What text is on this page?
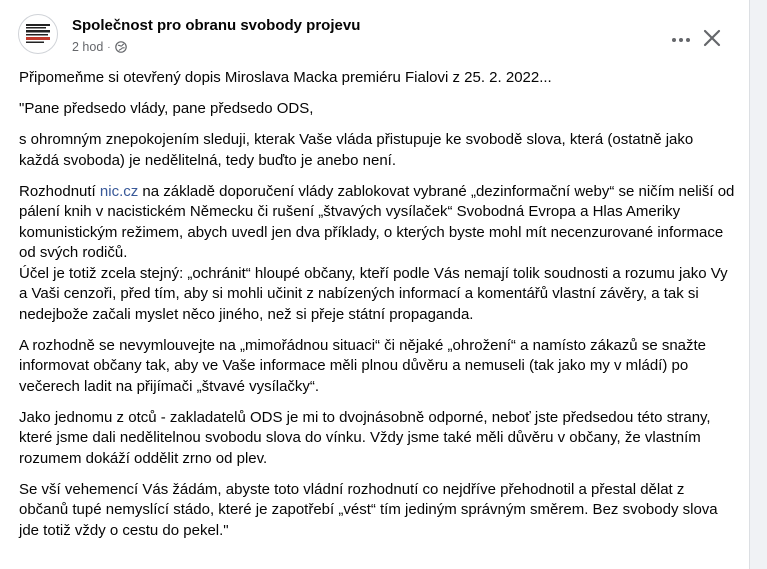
Společnost pro obranu svobody projevu
2 hod ·

Připomeňme si otevřený dopis Miroslava Macka premiéru Fialovi z 25. 2. 2022...

"Pane předsedo vlády, pane předsedo ODS,

s ohromným znepokojením sleduji, kterak Vaše vláda přistupuje ke svobodě slova, která (ostatně jako každá svoboda) je nedělitelná, tedy buďto je anebo není.

Rozhodnutí nic.cz na základě doporučení vlády zablokovat vybrané „dezinformační weby“ se ničím neliší od pálení knih v nacistickém Německu či rušení „štvavých vysílaček“ Svobodná Evropa a Hlas Ameriky komunistickým režimem, abych uvedl jen dva příklady, o kterých byste mohl mít necenzurované informace od svých rodičů.
Účel je totiž zcela stejný: „ochránit“ hloupé občany, kteří podle Vás nemají tolik soudnosti a rozumu jako Vy a Vaši cenzoři, před tím, aby si mohli učinit z nabízených informací a komentářů vlastní závěry, a tak si nedejbože začali myslet něco jiného, než si přeje státní propaganda.

A rozhodně se nevymlouvejte na „mimořádnou situaci“ či nějaké „ohrožení“ a namísto zákazů se snažte informovat občany tak, aby ve Vaše informace měli plnou důvěru a nemuseli (tak jako my v mládí) po večerech ladit na přijímači „štvavé vysílačky“.

Jako jednomu z otců - zakladatelů ODS je mi to dvojnásobně odporné, neboť jste předsedou této strany, které jsme dali nedělitelnou svobodu slova do vínku. Vždy jsme také měli důvěru v občany, že vlastním rozumem dokáží oddělit zrno od plev.

Se vší vehemencí Vás žádám, abyste toto vládní rozhodnutí co nejdříve přehodnotil a přestal dělat z občanů tupé nemyslící stádo, které je zapotřebí „vést“ tím jediným správným směrem. Bez svobody slova jde totiž vždy o cestu do pekel."
